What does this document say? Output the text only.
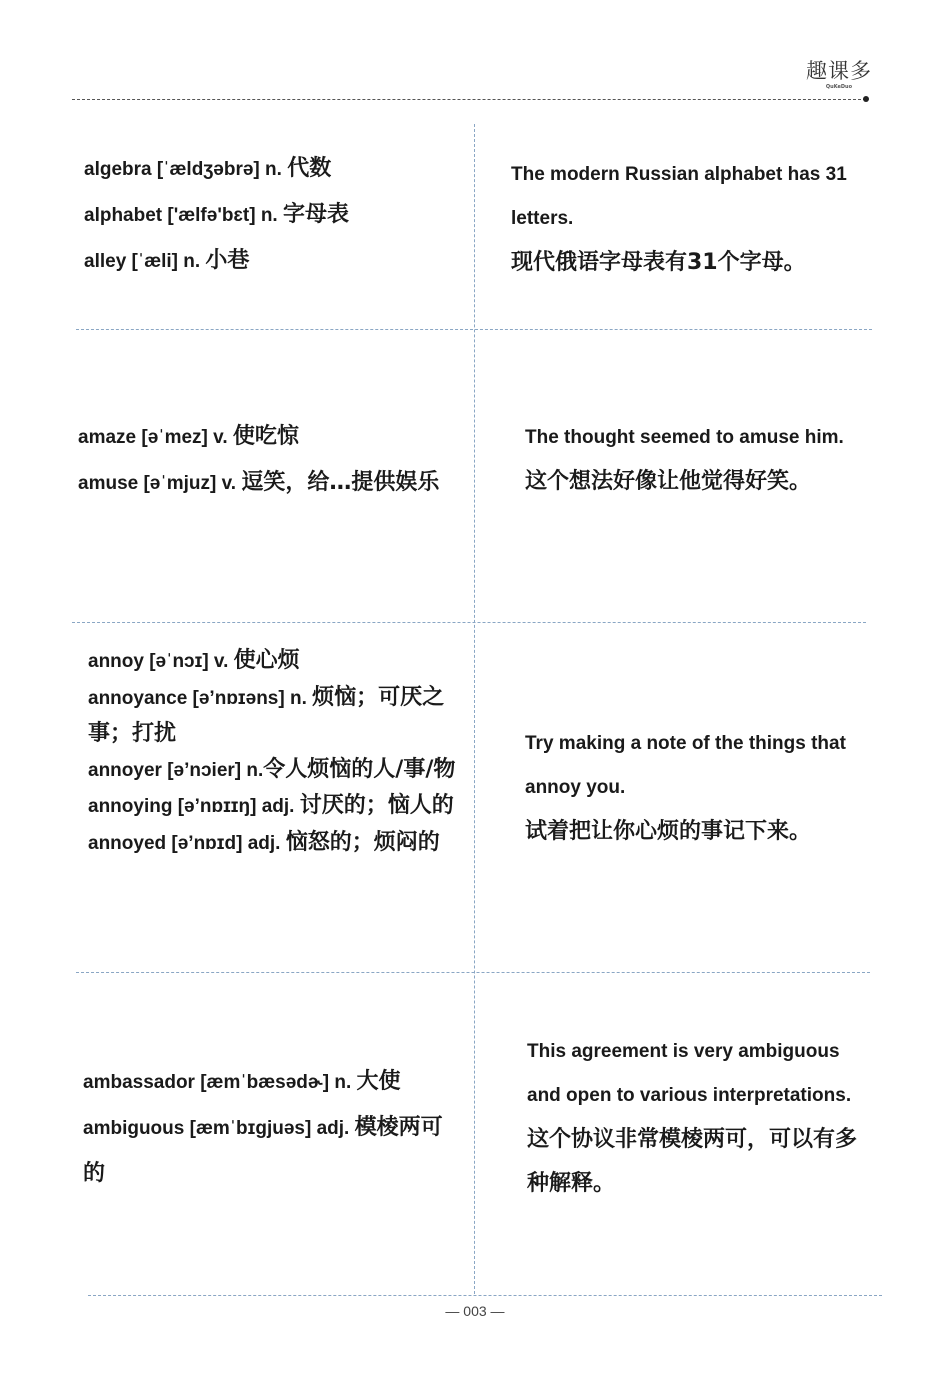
趣课多
QuKeDuo

algebra [ˈældʒəbrə] n. 代数

alphabet ['ælfə'bɛt] n. 字母表

alley [ˈæli] n. 小巷

The modern Russian alphabet has 31 letters.

现代俄语字母表有31个字母。

amaze [əˈmez] v. 使吃惊

amuse [əˈmjuz] v. 逗笑，给…提供娱乐

The thought seemed to amuse him.

这个想法好像让他觉得好笑。

annoy [əˈnɔɪ] v. 使心烦

annoyance [ə’nɒɪəns] n. 烦恼；可厌之事；打扰

annoyer [ə’nɔier] n.令人烦恼的人/事/物

annoying [ə’nɒɪɪŋ] adj. 讨厌的；恼人的

annoyed [ə’nɒɪd] adj. 恼怒的；烦闷的

Try making a note of the things that annoy you.

试着把让你心烦的事记下来。

ambassador [æmˈbæsədɚ] n. 大使

ambiguous [æmˈbɪgjuəs] adj. 模棱两可的

This agreement is very ambiguous and open to various interpretations.

这个协议非常模棱两可，可以有多种解释。

— 003 —
